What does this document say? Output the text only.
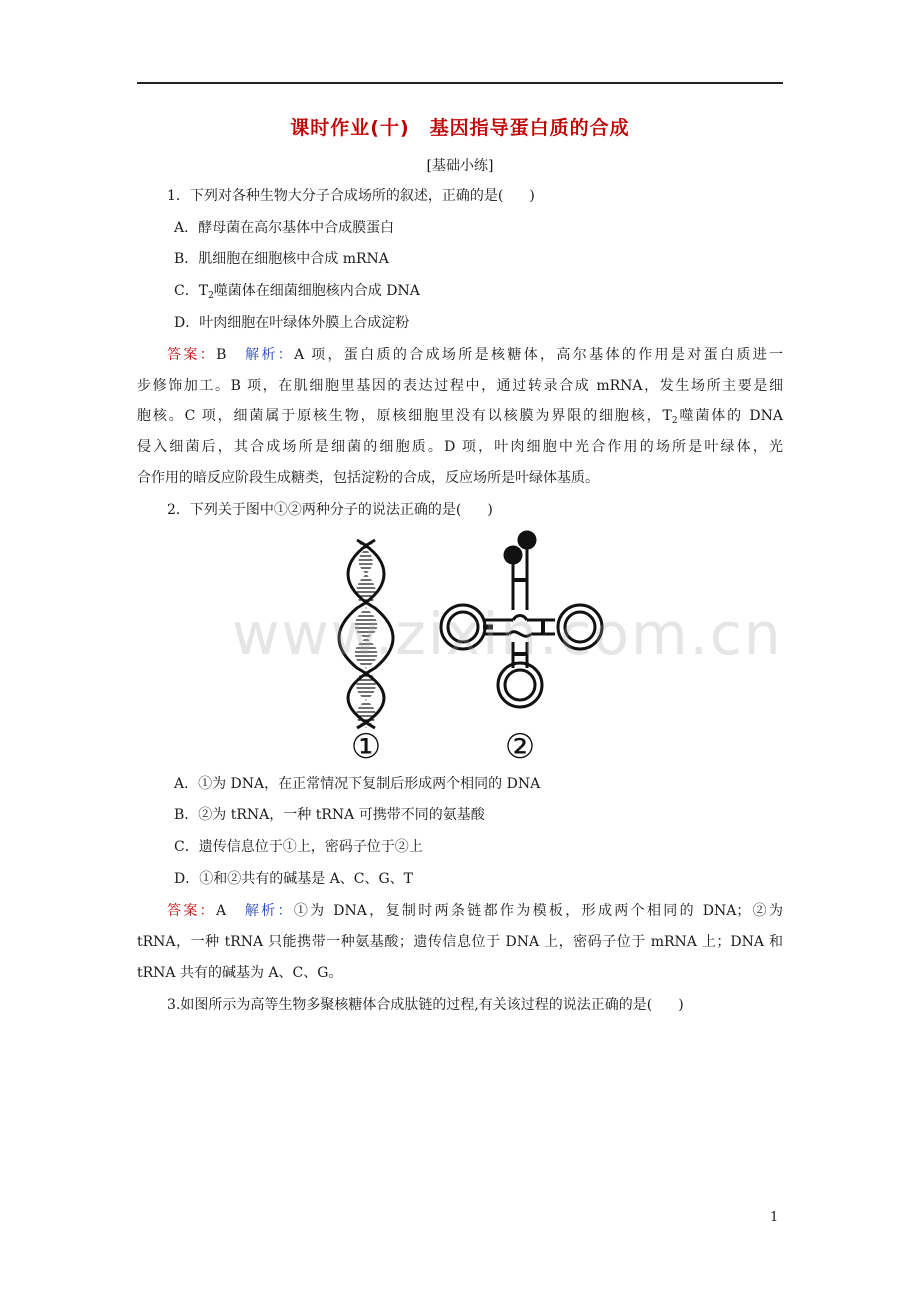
课时作业(十) 基因指导蛋白质的合成
[基础小练]
1．下列对各种生物大分子合成场所的叙述，正确的是( )
A．酵母菌在高尔基体中合成膜蛋白
B．肌细胞在细胞核中合成 mRNA
C．$T_2$噬菌体在细菌细胞核内合成 DNA
D．叶肉细胞在叶绿体外膜上合成淀粉
答案：B　 解析：A 项，蛋白质的合成场所是核糖体，高尔基体的作用是对蛋白质进一
步修饰加工。B 项，在肌细胞里基因的表达过程中，通过转录合成 mRNA，发生场所主要是细
胞核。C 项，细菌属于原核生物，原核细胞里没有以核膜为界限的细胞核，$T_2$噬菌体的 DNA
侵入细菌后，其合成场所是细菌的细胞质。D 项，叶肉细胞中光合作用的场所是叶绿体，光
合作用的暗反应阶段生成糖类，包括淀粉的合成，反应场所是叶绿体基质。
2．下列关于图中①②两种分子的说法正确的是( )
①	②
www.zixin.com.cn
A．①为 DNA，在正常情况下复制后形成两个相同的 DNA
B．②为 tRNA，一种 tRNA 可携带不同的氨基酸
C．遗传信息位于①上，密码子位于②上
D．①和②共有的碱基是 A、C、G、T
答案：A　 解析：①为 DNA，复制时两条链都作为模板，形成两个相同的 DNA；②为
tRNA，一种 tRNA 只能携带一种氨基酸；遗传信息位于 DNA 上，密码子位于 mRNA 上；DNA 和
tRNA 共有的碱基为 A、C、G。
3.如图所示为高等生物多聚核糖体合成肽链的过程,有关该过程的说法正确的是( )
1
